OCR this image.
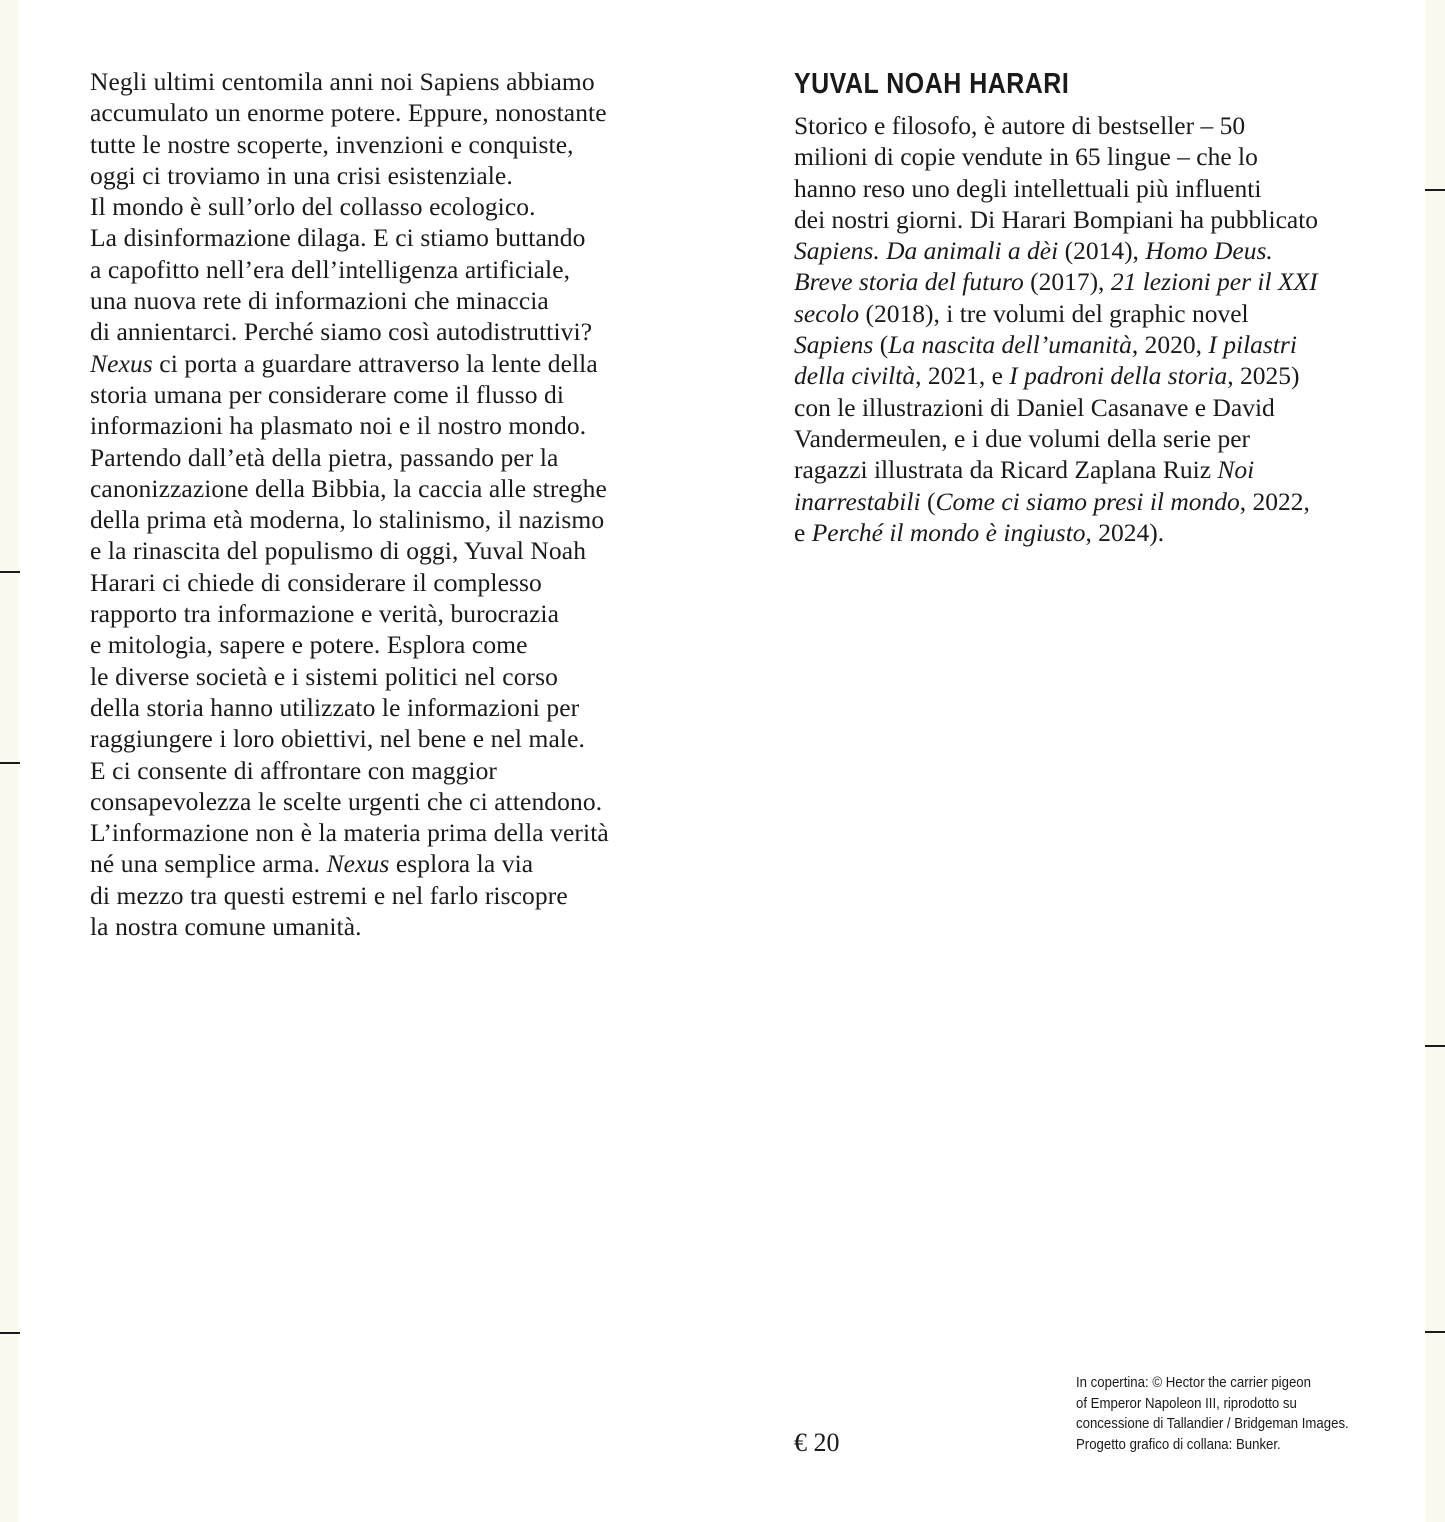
Negli ultimi centomila anni noi Sapiens abbiamo
accumulato un enorme potere. Eppure, nonostante
tutte le nostre scoperte, invenzioni e conquiste,
oggi ci troviamo in una crisi esistenziale.
Il mondo è sull’orlo del collasso ecologico.
La disinformazione dilaga. E ci stiamo buttando
a capofitto nell’era dell’intelligenza artificiale,
una nuova rete di informazioni che minaccia
di annientarci. Perché siamo così autodistruttivi?
Nexus ci porta a guardare attraverso la lente della
storia umana per considerare come il flusso di
informazioni ha plasmato noi e il nostro mondo.
Partendo dall’età della pietra, passando per la
canonizzazione della Bibbia, la caccia alle streghe
della prima età moderna, lo stalinismo, il nazismo
e la rinascita del populismo di oggi, Yuval Noah
Harari ci chiede di considerare il complesso
rapporto tra informazione e verità, burocrazia
e mitologia, sapere e potere. Esplora come
le diverse società e i sistemi politici nel corso
della storia hanno utilizzato le informazioni per
raggiungere i loro obiettivi, nel bene e nel male.
E ci consente di affrontare con maggior
consapevolezza le scelte urgenti che ci attendono.
L’informazione non è la materia prima della verità
né una semplice arma. Nexus esplora la via
di mezzo tra questi estremi e nel farlo riscopre
la nostra comune umanità.
YUVAL NOAH HARARI
Storico e filosofo, è autore di bestseller – 50
milioni di copie vendute in 65 lingue – che lo
hanno reso uno degli intellettuali più influenti
dei nostri giorni. Di Harari Bompiani ha pubblicato
Sapiens. Da animali a dèi (2014), Homo Deus.
Breve storia del futuro (2017), 21 lezioni per il XXI
secolo (2018), i tre volumi del graphic novel
Sapiens (La nascita dell’umanità, 2020, I pilastri
della civiltà, 2021, e I padroni della storia, 2025)
con le illustrazioni di Daniel Casanave e David
Vandermeulen, e i due volumi della serie per
ragazzi illustrata da Ricard Zaplana Ruiz Noi
inarrestabili (Come ci siamo presi il mondo, 2022,
e Perché il mondo è ingiusto, 2024).
€ 20
In copertina: © Hector the carrier pigeon
of Emperor Napoleon III, riprodotto su
concessione di Tallandier / Bridgeman Images.
Progetto grafico di collana: Bunker.
